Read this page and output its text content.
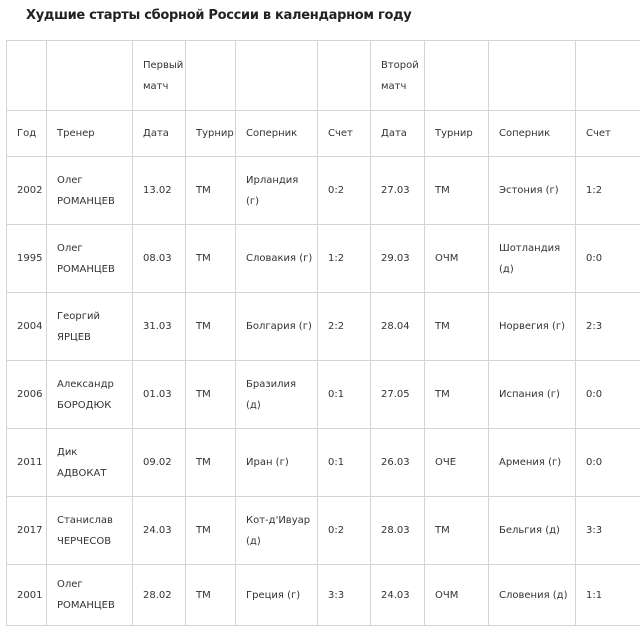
Худшие старты сборной России в календарном году
		Первый матч				Второй матч			
Год	Тренер	Дата	Турнир	Соперник	Счет	Дата	Турнир	Соперник	Счет
2002	Олег РОМАНЦЕВ	13.02	ТМ	Ирландия (г)	0:2	27.03	ТМ	Эстония (г)	1:2
1995	Олег РОМАНЦЕВ	08.03	ТМ	Словакия (г)	1:2	29.03	ОЧМ	Шотландия (д)	0:0
2004	Георгий ЯРЦЕВ	31.03	ТМ	Болгария (г)	2:2	28.04	ТМ	Норвегия (г)	2:3
2006	Александр БОРОДЮК	01.03	ТМ	Бразилия (д)	0:1	27.05	ТМ	Испания (г)	0:0
2011	Дик АДВОКАТ	09.02	ТМ	Иран (г)	0:1	26.03	ОЧЕ	Армения (г)	0:0
2017	Станислав ЧЕРЧЕСОВ	24.03	ТМ	Кот-д'Ивуар (д)	0:2	28.03	ТМ	Бельгия (д)	3:3
2001	Олег РОМАНЦЕВ	28.02	ТМ	Греция (г)	3:3	24.03	ОЧМ	Словения (д)	1:1
